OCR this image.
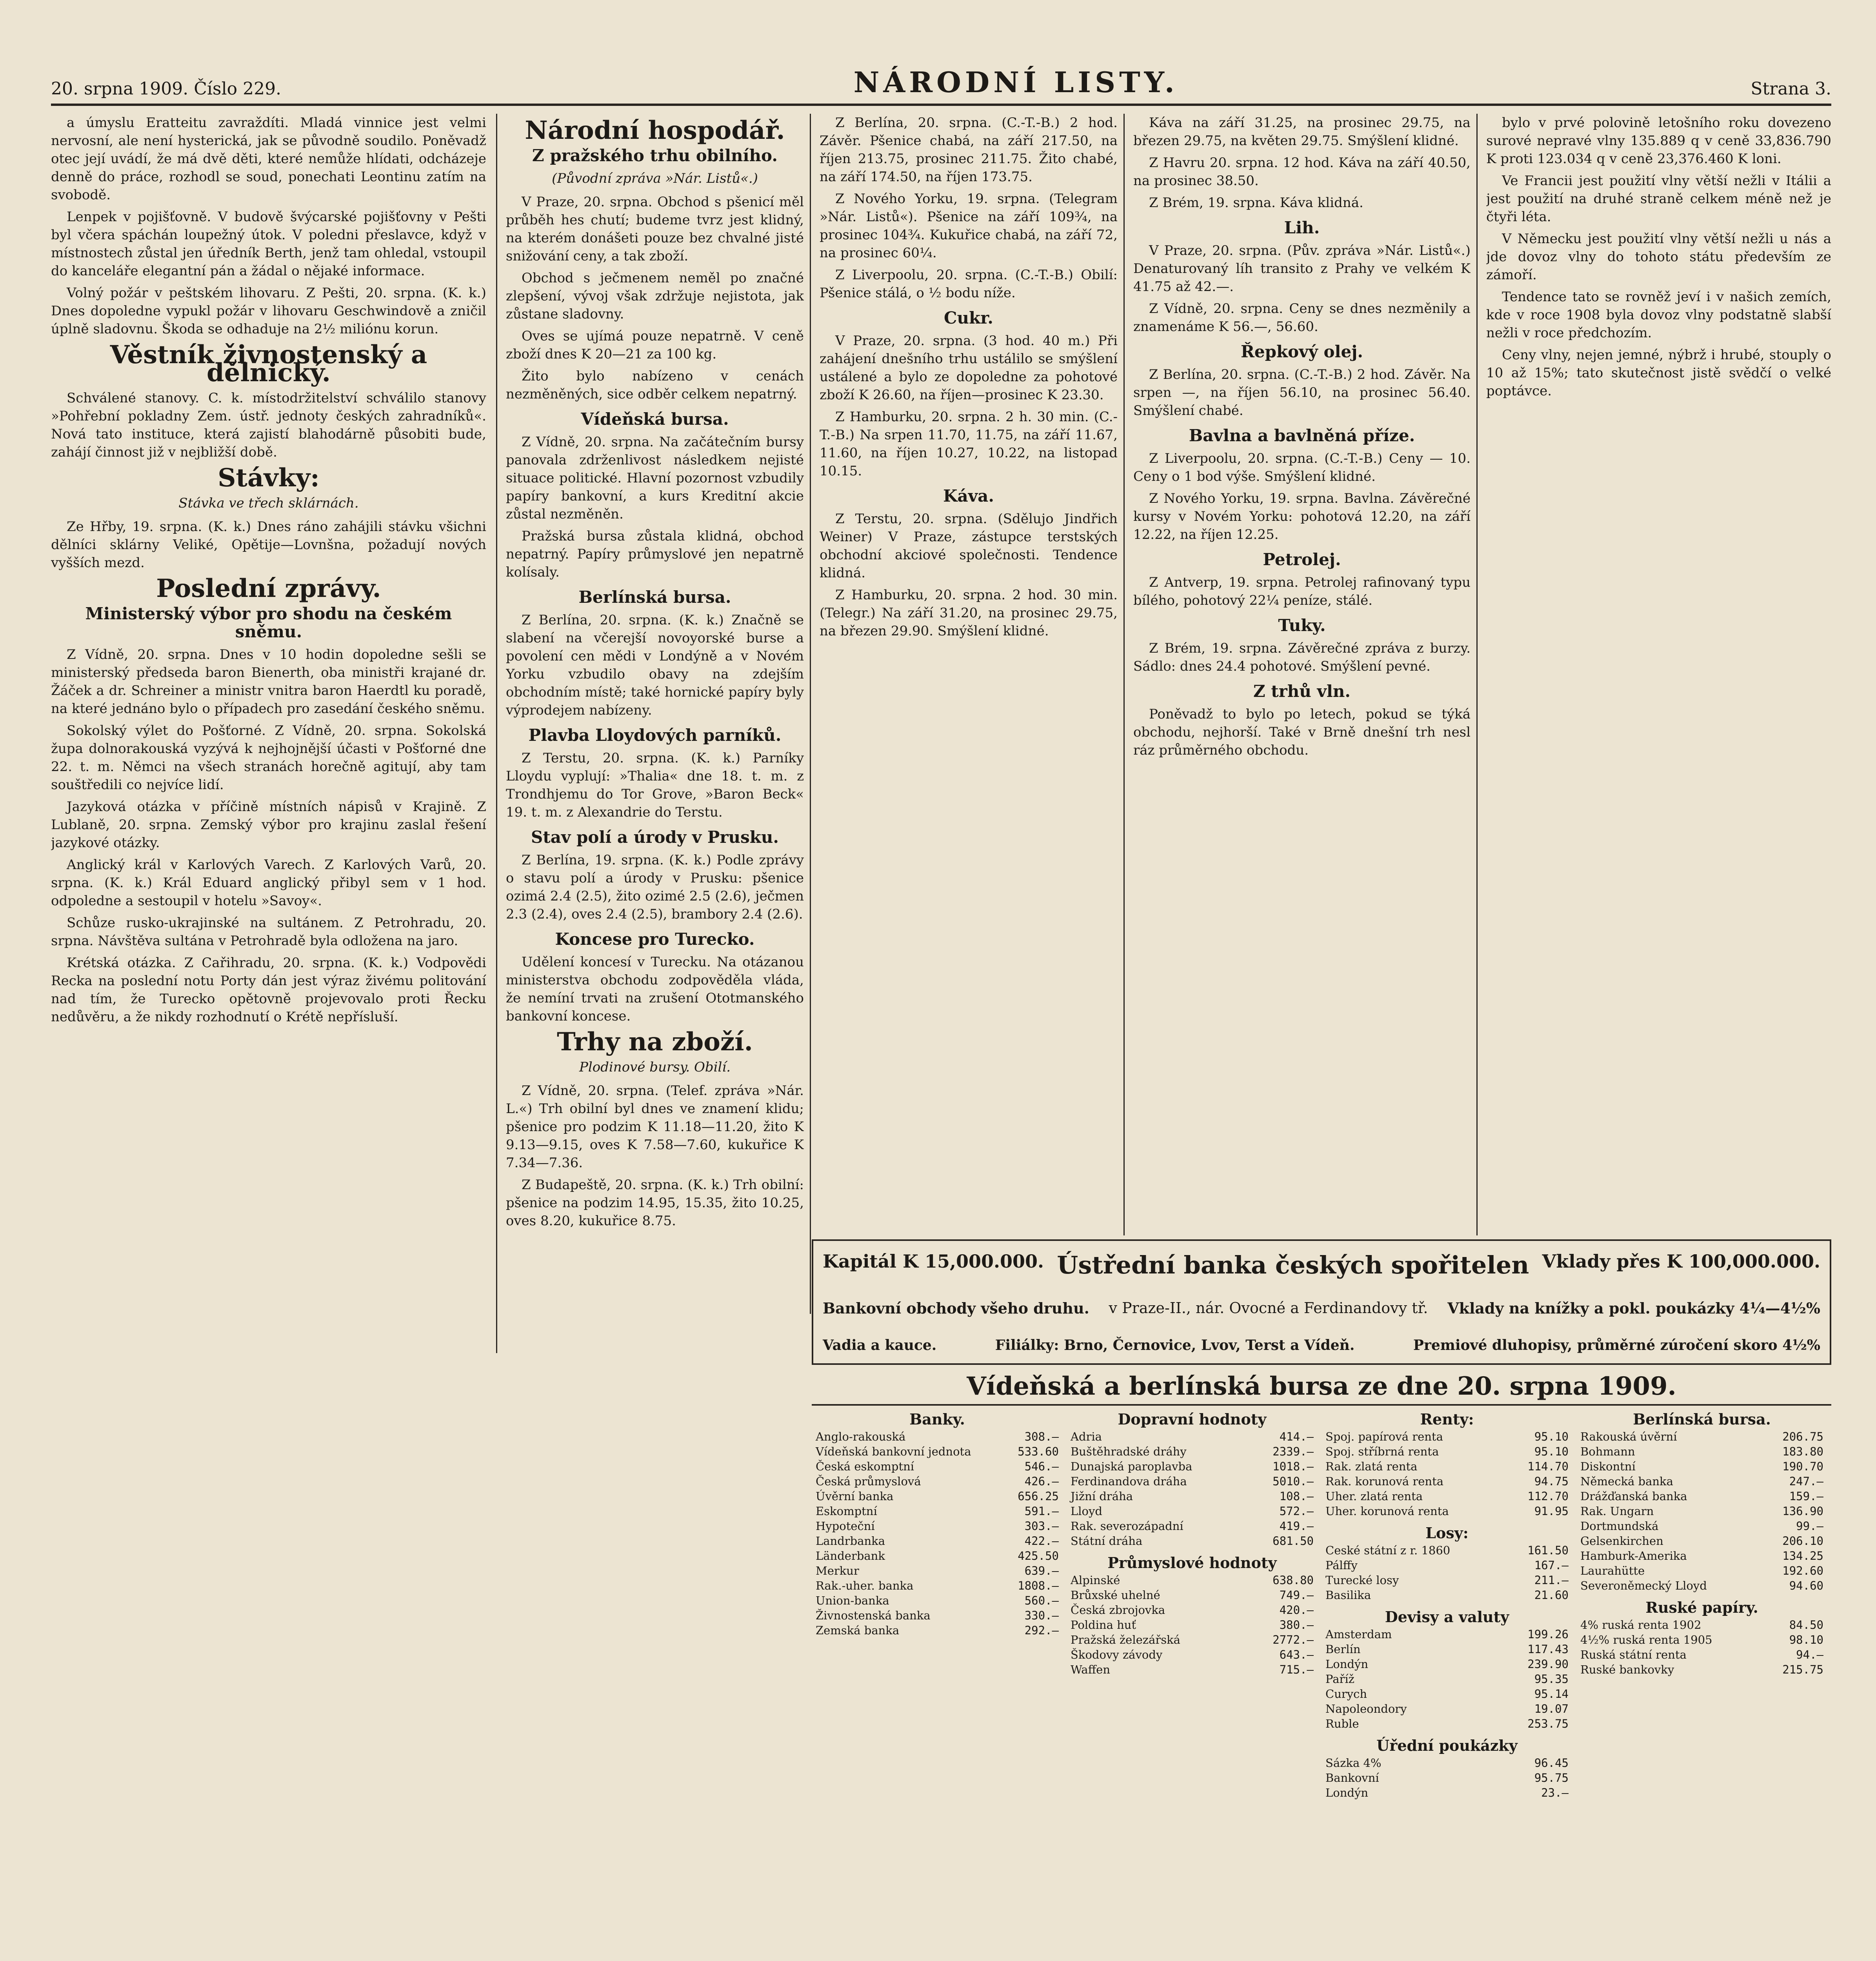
20. srpna 1909. Číslo 229.	NÁRODNÍ LISTY.	Strana 3.

a úmyslu Eratteitu zavraždíti. Mladá vinnice jest velmi nervosní, ale není hysterická, jak se původně soudilo. Poněvadž otec její uvádí, že má dvě děti, které nemůže hlídati, odcházeje denně do práce, rozhodl se soud, ponechati Leontinu zatím na svobodě.

Lenpek v pojišťovně. V budově švýcarské pojišťovny v Pešti byl včera spáchán loupežný útok. V poledni přeslavce, když v místnostech zůstal jen úředník Berth, jenž tam ohledal, vstoupil do kanceláře elegantní pán a žádal o nějaké informace.

Volný požár v peštském lihovaru. Z Pešti, 20. srpna. (K. k.) Dnes dopoledne vypukl požár v lihovaru Geschwindově a zničil úplně sladovnu. Škoda se odhaduje na 2½ miliónu korun.

Věstník živnostenský a dělnický.

Schválené stanovy. C. k. místodržitelství schválilo stanovy »Pohřební pokladny Zem. ústř. jednoty českých zahradníků«. Nová tato instituce, která zajistí blahodárně působiti bude, zahájí činnost již v nejbližší době.

Stávky:
Stávka ve třech sklárnách.

Ze Hřby, 19. srpna. (K. k.) Dnes ráno zahájili stávku všichni dělníci sklárny Veliké, Opětije—Lovnšna, požadují nových vyšších mezd.

Poslední zprávy.
Ministerský výbor pro shodu na českém sněmu.

Z Vídně, 20. srpna. Dnes v 10 hodin dopoledne sešli se ministerský předseda baron Bienerth, oba ministři krajané dr. Žáček a dr. Schreiner a ministr vnitra baron Haerdtl ku poradě, na které jednáno bylo o případech pro zasedání českého sněmu.

Sokolský výlet do Pošťorné. Z Vídně, 20. srpna. Sokolská župa dolnorakouská vyzývá k nejhojnější účasti v Pošťorné dne 22. t. m. Němci na všech stranách horečně agitují, aby tam souštředili co nejvíce lidí.

Jazyková otázka v příčině místních nápisů v Krajině. Z Lublaně, 20. srpna. Zemský výbor pro krajinu zaslal řešení jazykové otázky.

Anglický král v Karlových Varech. Z Karlových Varů, 20. srpna. (K. k.) Král Eduard anglický přibyl sem v 1 hod. odpoledne a sestoupil v hotelu »Savoy«.

Schůze rusko-ukrajinské na sultánem. Z Petrohradu, 20. srpna. Návštěva sultána v Petrohradě byla odložena na jaro.

Krétská otázka. Z Cařihradu, 20. srpna. (K. k.) Vodpovědi Recka na poslední notu Porty dán jest výraz živému politování nad tím, že Turecko opětovně projevovalo proti Řecku nedůvěru, a že nikdy rozhodnutí o Krétě nepřísluší.

Národní hospodář.
Z pražského trhu obilního.
(Původní zpráva »Nár. Listů«.)

V Praze, 20. srpna. Obchod s pšenicí měl průběh hes chutí; budeme tvrz jest klidný, na kterém donášeti pouze bez chvalné jisté snižování ceny, a tak zboží.

Obchod s ječmenem neměl po značné zlepšení, vývoj však zdržuje nejistota, jak zůstane sladovny.

Oves se ujímá pouze nepatrně. V ceně zboží dnes K 20—21 za 100 kg.

Žito bylo nabízeno v cenách nezměněných, sice odběr celkem nepatrný.

Vídeňská bursa.

Z Vídně, 20. srpna. Na začátečním bursy panovala zdrženlivost následkem nejisté situace politické. Hlavní pozornost vzbudily papíry bankovní, a kurs Kreditní akcie zůstal nezměněn.

Pražská bursa zůstala klidná, obchod nepatrný. Papíry průmyslové jen nepatrně kolísaly.

Berlínská bursa.

Z Berlína, 20. srpna. (K. k.) Značně se slabení na včerejší novoyorské burse a povolení cen mědi v Londýně a v Novém Yorku vzbudilo obavy na zdejším obchodním místě; také hornické papíry byly výprodejem nabízeny.

Plavba Lloydových parníků.

Z Terstu, 20. srpna. (K. k.) Parníky Lloydu vyplují: »Thalia« dne 18. t. m. z Trondhjemu do Tor Grove, »Baron Beck« 19. t. m. z Alexandrie do Terstu.

Stav polí a úrody v Prusku.

Z Berlína, 19. srpna. (K. k.) Podle zprávy o stavu polí a úrody v Prusku: pšenice ozimá 2.4 (2.5), žito ozimé 2.5 (2.6), ječmen 2.3 (2.4), oves 2.4 (2.5), brambory 2.4 (2.6).

Koncese pro Turecko.

Udělení koncesí v Turecku. Na otázanou ministerstva obchodu zodpověděla vláda, že nemíní trvati na zrušení Ototmanského bankovní koncese.

Trhy na zboží.
Plodinové bursy. Obilí.

Z Vídně, 20. srpna. (Telef. zpráva »Nár. L.«) Trh obilní byl dnes ve znamení klidu; pšenice pro podzim K 11.18—11.20, žito K 9.13—9.15, oves K 7.58—7.60, kukuřice K 7.34—7.36.

Z Budapeště, 20. srpna. (K. k.) Trh obilní: pšenice na podzim 14.95, 15.35, žito 10.25, oves 8.20, kukuřice 8.75.

Z Berlína, 20. srpna. (C.-T.-B.) 2 hod. Závěr. Pšenice chabá, na září 217.50, na říjen 213.75, prosinec 211.75. Žito chabé, na září 174.50, na říjen 173.75.

Z Nového Yorku, 19. srpna. (Telegram »Nár. Listů«). Pšenice na září 109¾, na prosinec 104¾. Kukuřice chabá, na září 72, na prosinec 60¼.

Z Liverpoolu, 20. srpna. (C.-T.-B.) Obilí: Pšenice stálá, o ½ bodu níže.

Cukr.

V Praze, 20. srpna. (3 hod. 40 m.) Při zahájení dnešního trhu ustálilo se smýšlení ustálené a bylo ze dopoledne za pohotové zboží K 26.60, na říjen—prosinec K 23.30.

Z Hamburku, 20. srpna. 2 h. 30 min. (C.-T.-B.) Na srpen 11.70, 11.75, na září 11.67, 11.60, na říjen 10.27, 10.22, na listopad 10.15.

Káva.

Z Terstu, 20. srpna. (Sdělujo Jindřich Weiner) V Praze, zástupce terstských obchodní akciové společnosti. Tendence klidná.

Z Hamburku, 20. srpna. 2 hod. 30 min. (Telegr.) Na září 31.20, na prosinec 29.75, na březen 29.90. Smýšlení klidné.

Káva na září 31.25, na prosinec 29.75, na březen 29.75, na květen 29.75. Smýšlení klidné.

Z Havru 20. srpna. 12 hod. Káva na září 40.50, na prosinec 38.50.

Z Brém, 19. srpna. Káva klidná.

Lih.

V Praze, 20. srpna. (Pův. zpráva »Nár. Listů«.) Denaturovaný líh transito z Prahy ve velkém K 41.75 až 42.—.

Z Vídně, 20. srpna. Ceny se dnes nezměnily a znamenáme K 56.—, 56.60.

Řepkový olej.

Z Berlína, 20. srpna. (C.-T.-B.) 2 hod. Závěr. Na srpen —, na říjen 56.10, na prosinec 56.40. Smýšlení chabé.

Bavlna a bavlněná příze.

Z Liverpoolu, 20. srpna. (C.-T.-B.) Ceny — 10. Ceny o 1 bod výše. Smýšlení klidné.

Z Nového Yorku, 19. srpna. Bavlna. Závěrečné kursy v Novém Yorku: pohotová 12.20, na září 12.22, na říjen 12.25.

Petrolej.

Z Antverp, 19. srpna. Petrolej rafinovaný typu bílého, pohotový 22¼ peníze, stálé.

Tuky.

Z Brém, 19. srpna. Závěrečné zpráva z burzy. Sádlo: dnes 24.4 pohotové. Smýšlení pevné.

Z trhů vln.

Poněvadž to bylo po letech, pokud se týká obchodu, nejhorší. Také v Brně dnešní trh nesl ráz průměrného obchodu.

bylo v prvé polovině letošního roku dovezeno surové nepravé vlny 135.889 q v ceně 33,836.790 K proti 123.034 q v ceně 23,376.460 K loni.

Ve Francii jest použití vlny větší nežli v Itálii a jest použití na druhé straně celkem méně než je čtyři léta.

V Německu jest použití vlny větší nežli u nás a jde dovoz vlny do tohoto státu především ze zámoří.

Tendence tato se rovněž jeví i v našich zemích, kde v roce 1908 byla dovoz vlny podstatně slabší nežli v roce předchozím.

Ceny vlny, nejen jemné, nýbrž i hrubé, stouply o 10 až 15%; tato skutečnost jistě svědčí o velké poptávce.

Kapitál K 15,000.000. Ústřední banka českých spořitelen Vklady přes K 100,000.000.
Bankovní obchody všeho druhu. v Praze-II., nár. Ovocné a Ferdinandovy tř. Vklady na knížky a pokl. poukázky 4¼—4½%
Vadia a kauce.	Filiálky: Brno, Černovice, Lvov, Terst a Vídeň.	Premiové dluhopisy, průměrné zúročení skoro 4½%
Vídeňská a berlínská bursa ze dne 20. srpna 1909.
Banky.
Anglo-rakouská	308.—
Vídeňská bankovní jednota	533.60
Česká eskomptní	546.—
Česká průmyslová	426.—
Úvěrní banka	656.25
Eskomptní	591.—
Hypoteční	303.—
Landrbanka	422.—
Länderbank	425.50
Merkur	639.—
Rak.-uher. banka	1808.—
Union-banka	560.—
Živnostenská banka	330.—
Zemská banka	292.—
Dopravní hodnoty
Adria	414.—
Buštěhradské dráhy	2339.—
Dunajská paroplavba	1018.—
Ferdinandova dráha	5010.—
Jižní dráha	108.—
Lloyd	572.—
Rak. severozápadní	419.—
Státní dráha	681.50
Průmyslové hodnoty
Alpinské	638.80
Brůxské uhelné	749.—
Česká zbrojovka	420.—
Poldina huť	380.—
Pražská železářská	2772.—
Škodovy závody	643.—
Waffen	715.—
Renty:
Spoj. papírová renta	95.10
Spoj. stříbrná renta	95.10
Rak. zlatá renta	114.70
Rak. korunová renta	94.75
Uher. zlatá renta	112.70
Uher. korunová renta	91.95
Losy:
Ceské státní z r. 1860	161.50
Pálffy	167.—
Turecké losy	211.—
Basilika	21.60
Devisy a valuty
Amsterdam	199.26
Berlín	117.43
Londýn	239.90
Paříž	95.35
Curych	95.14
Napoleondory	19.07
Ruble	253.75
Úřední poukázky
Sázka 4%	96.45
Bankovní	95.75
Londýn	23.—
Berlínská bursa.
Rakouská úvěrní	206.75
Bohmann	183.80
Diskontní	190.70
Německá banka	247.—
Drážďanská banka	159.—
Rak. Ungarn	136.90
Dortmundská	99.—
Gelsenkirchen	206.10
Hamburk-Amerika	134.25
Laurahütte	192.60
Severoněmecký Lloyd	94.60
Ruské papíry.
4% ruská renta 1902	84.50
4½% ruská renta 1905	98.10
Ruská státní renta	94.—
Ruské bankovky	215.75
